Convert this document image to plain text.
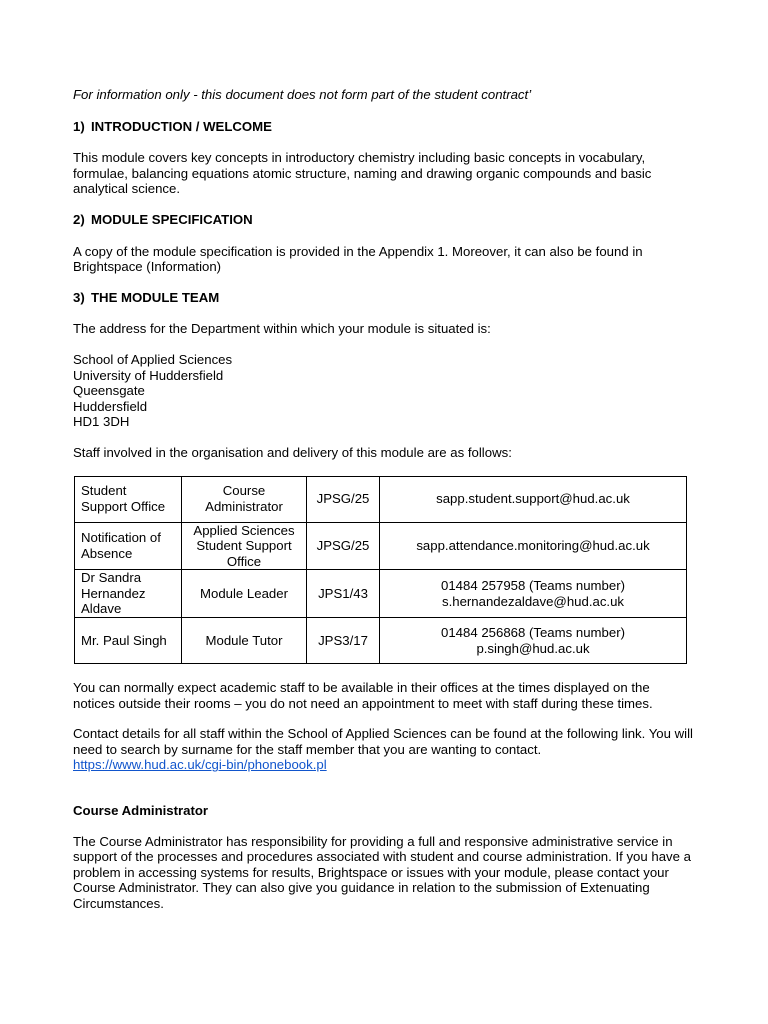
For information only - this document does not form part of the student contract’
1) INTRODUCTION / WELCOME

This module covers key concepts in introductory chemistry including basic concepts in vocabulary, formulae, balancing equations atomic structure, naming and drawing organic compounds and basic analytical science.

2) MODULE SPECIFICATION

A copy of the module specification is provided in the Appendix 1. Moreover, it can also be found in Brightspace (Information)

3) THE MODULE TEAM

The address for the Department within which your module is situated is:

School of Applied Sciences
University of Huddersfield
Queensgate
Huddersfield
HD1 3DH

Staff involved in the organisation and delivery of this module are as follows:

Student Support Office	Course Administrator	JPSG/25	sapp.student.support@hud.ac.uk

Notification of Absence	Applied Sciences Student Support Office	JPSG/25	sapp.attendance.monitoring@hud.ac.uk

Dr Sandra Hernandez Aldave	Module Leader	JPS1/43	01484 257958 (Teams number)
s.hernandezaldave@hud.ac.uk

Mr. Paul Singh	Module Tutor	JPS3/17	01484 256868 (Teams number)
p.singh@hud.ac.uk

You can normally expect academic staff to be available in their offices at the times displayed on the notices outside their rooms – you do not need an appointment to meet with staff during these times.

Contact details for all staff within the School of Applied Sciences can be found at the following link. You will need to search by surname for the staff member that you are wanting to contact.
https://www.hud.ac.uk/cgi-bin/phonebook.pl

Course Administrator

The Course Administrator has responsibility for providing a full and responsive administrative service in support of the processes and procedures associated with student and course administration. If you have a problem in accessing systems for results, Brightspace or issues with your module, please contact your Course Administrator. They can also give you guidance in relation to the submission of Extenuating Circumstances.
